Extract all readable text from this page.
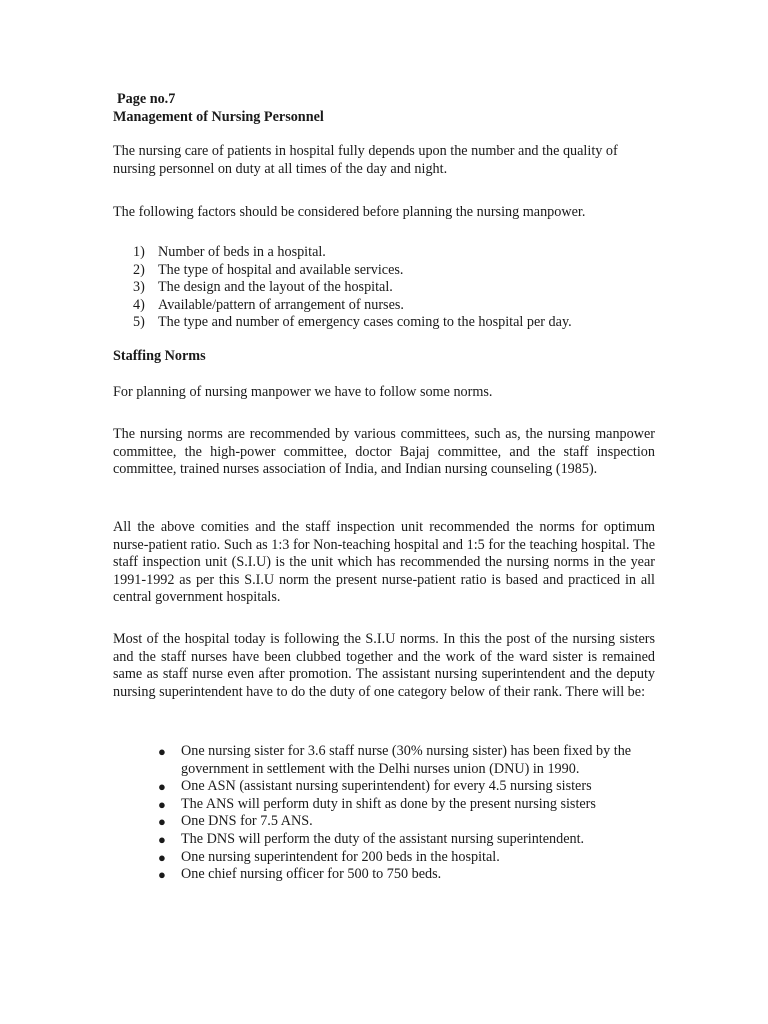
Page no.7
Management of Nursing Personnel

The nursing care of patients in hospital fully depends upon the number and the quality of nursing personnel on duty at all times of the day and night.

The following factors should be considered before planning the nursing manpower.

1) Number of beds in a hospital.
2) The type of hospital and available services.
3) The design and the layout of the hospital.
4) Available/pattern of arrangement of nurses.
5) The type and number of emergency cases coming to the hospital per day.
Staffing Norms

For planning of nursing manpower we have to follow some norms.

The nursing norms are recommended by various committees, such as, the nursing manpower committee, the high-power committee, doctor Bajaj committee, and the staff inspection committee, trained nurses association of India, and Indian nursing counseling (1985).

All the above comities and the staff inspection unit recommended the norms for optimum nurse-patient ratio. Such as 1:3 for Non-teaching hospital and 1:5 for the teaching hospital. The staff inspection unit (S.I.U) is the unit which has recommended the nursing norms in the year 1991-1992 as per this S.I.U norm the present nurse-patient ratio is based and practiced in all central government hospitals.

Most of the hospital today is following the S.I.U norms. In this the post of the nursing sisters and the staff nurses have been clubbed together and the work of the ward sister is remained same as staff nurse even after promotion. The assistant nursing superintendent and the deputy nursing superintendent have to do the duty of one category below of their rank. There will be:

● One nursing sister for 3.6 staff nurse (30% nursing sister) has been fixed by the government in settlement with the Delhi nurses union (DNU) in 1990.
● One ASN (assistant nursing superintendent) for every 4.5 nursing sisters
● The ANS will perform duty in shift as done by the present nursing sisters
● One DNS for 7.5 ANS.
● The DNS will perform the duty of the assistant nursing superintendent.
● One nursing superintendent for 200 beds in the hospital.
● One chief nursing officer for 500 to 750 beds.
